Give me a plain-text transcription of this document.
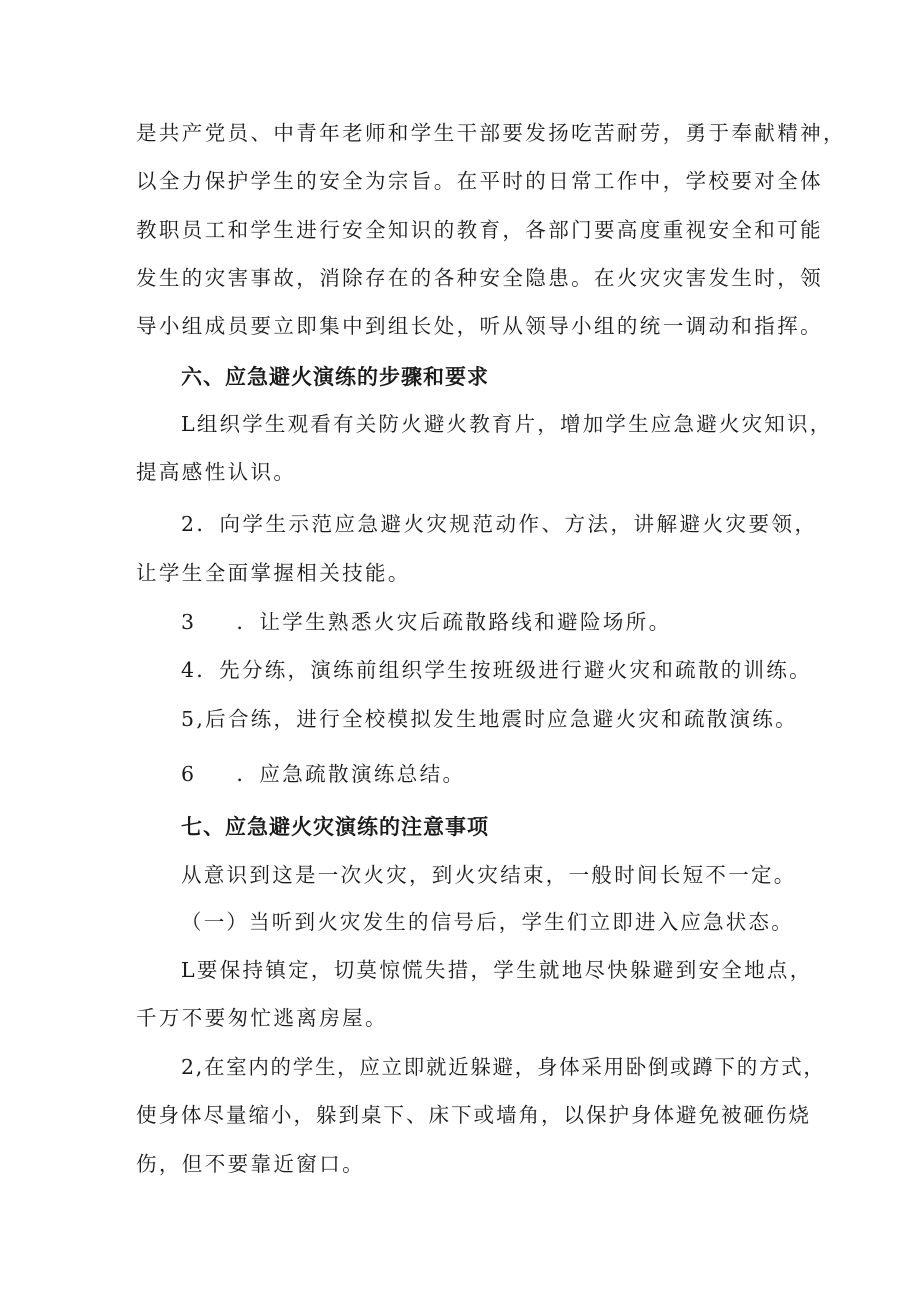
是共产党员、中青年老师和学生干部要发扬吃苦耐劳，勇于奉献精神，
以全力保护学生的安全为宗旨。在平时的日常工作中，学校要对全体
教职员工和学生进行安全知识的教育，各部门要高度重视安全和可能
发生的灾害事故，消除存在的各种安全隐患。在火灾灾害发生时，领
导小组成员要立即集中到组长处，听从领导小组的统一调动和指挥。
六、应急避火演练的步骤和要求
L组织学生观看有关防火避火教育片，增加学生应急避火灾知识，
提高感性认识。
2．向学生示范应急避火灾规范动作、方法，讲解避火灾要领，
让学生全面掌握相关技能。
3 ．让学生熟悉火灾后疏散路线和避险场所。
4．先分练，演练前组织学生按班级进行避火灾和疏散的训练。
5,后合练，进行全校模拟发生地震时应急避火灾和疏散演练。
6 ．应急疏散演练总结。
七、应急避火灾演练的注意事项
从意识到这是一次火灾，到火灾结束，一般时间长短不一定。
（一）当听到火灾发生的信号后，学生们立即进入应急状态。
L要保持镇定，切莫惊慌失措，学生就地尽快躲避到安全地点，
千万不要匆忙逃离房屋。
2,在室内的学生，应立即就近躲避，身体采用卧倒或蹲下的方式，
使身体尽量缩小，躲到桌下、床下或墙角，以保护身体避免被砸伤烧
伤，但不要靠近窗口。
